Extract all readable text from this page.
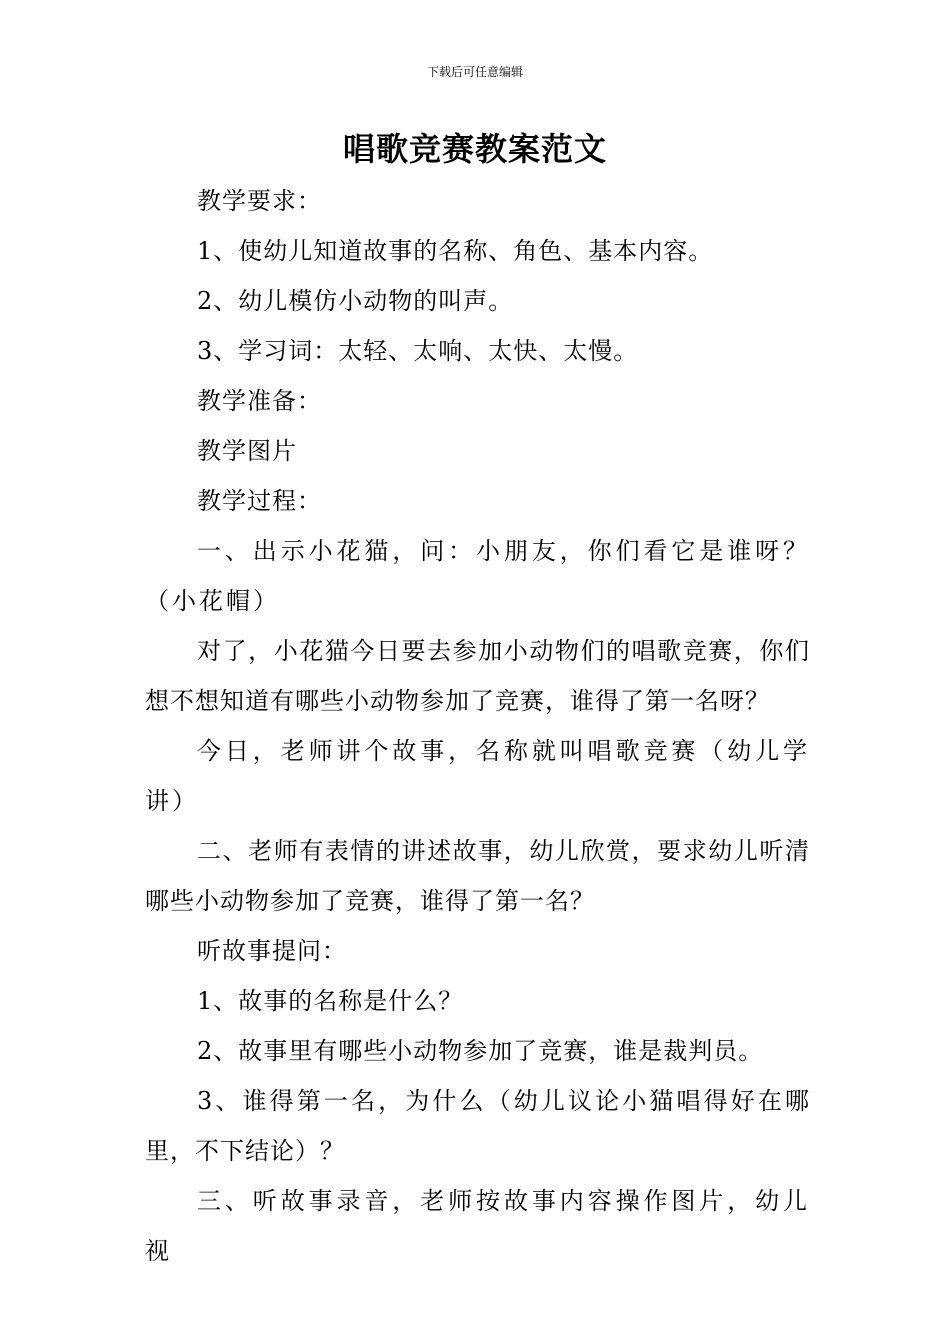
下载后可任意编辑
唱歌竞赛教案范文

教学要求：

1、使幼儿知道故事的名称、角色、基本内容。

2、幼儿模仿小动物的叫声。

3、学习词：太轻、太响、太快、太慢。

教学准备：

教学图片

教学过程：

一、出示小花猫，问：小朋友，你们看它是谁呀？（小花帽）

对了，小花猫今日要去参加小动物们的唱歌竞赛，你们想不想知道有哪些小动物参加了竞赛，谁得了第一名呀？

今日，老师讲个故事，名称就叫唱歌竞赛（幼儿学讲）

二、老师有表情的讲述故事，幼儿欣赏，要求幼儿听清哪些小动物参加了竞赛，谁得了第一名？

听故事提问：

1、故事的名称是什么？

2、故事里有哪些小动物参加了竞赛，谁是裁判员。

3、谁得第一名，为什么（幼儿议论小猫唱得好在哪里，不下结论）？

三、听故事录音，老师按故事内容操作图片，幼儿视
